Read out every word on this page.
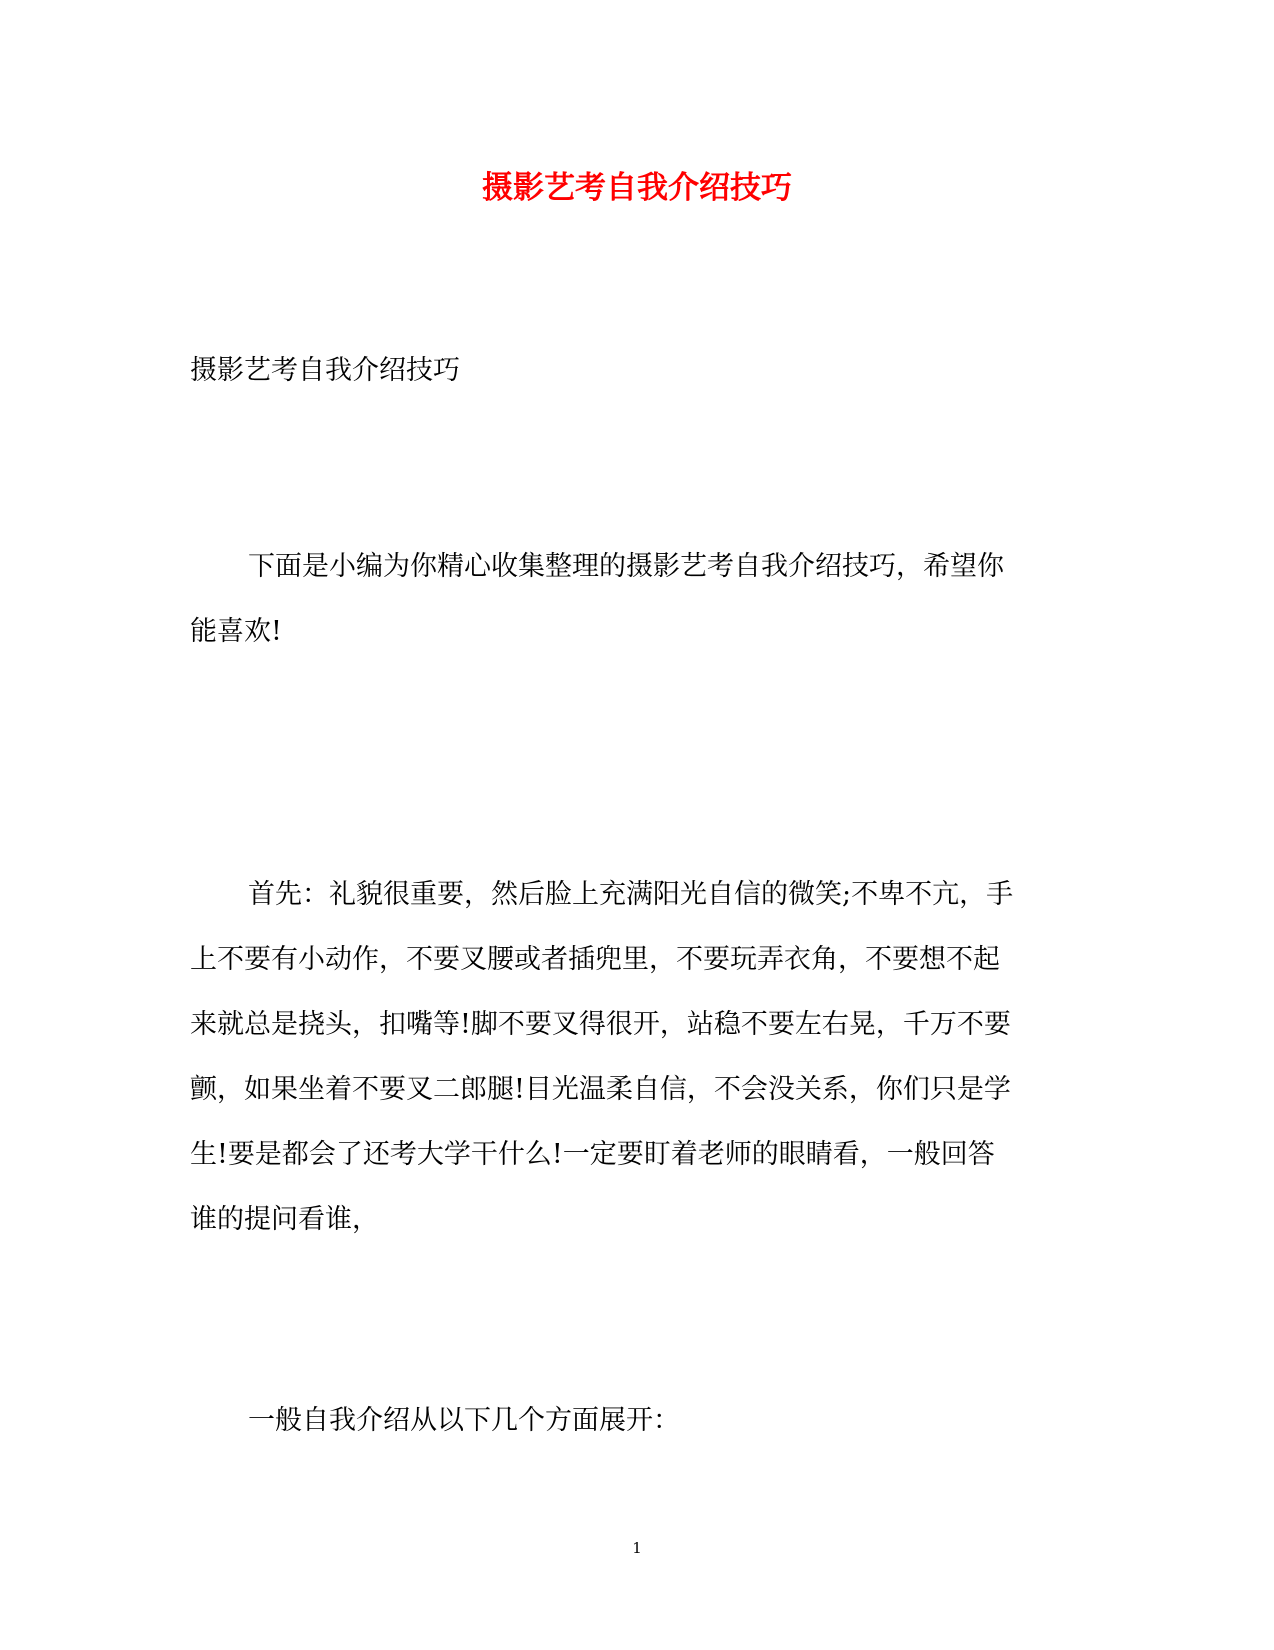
摄影艺考自我介绍技巧
摄影艺考自我介绍技巧
下面是小编为你精心收集整理的摄影艺考自我介绍技巧，希望你
能喜欢!
首先：礼貌很重要，然后脸上充满阳光自信的微笑;不卑不亢，手
上不要有小动作，不要叉腰或者插兜里，不要玩弄衣角，不要想不起
来就总是挠头，扣嘴等!脚不要叉得很开，站稳不要左右晃，千万不要
颤，如果坐着不要叉二郎腿!目光温柔自信，不会没关系，你们只是学
生!要是都会了还考大学干什么!一定要盯着老师的眼睛看，一般回答
谁的提问看谁，
一般自我介绍从以下几个方面展开：
1
